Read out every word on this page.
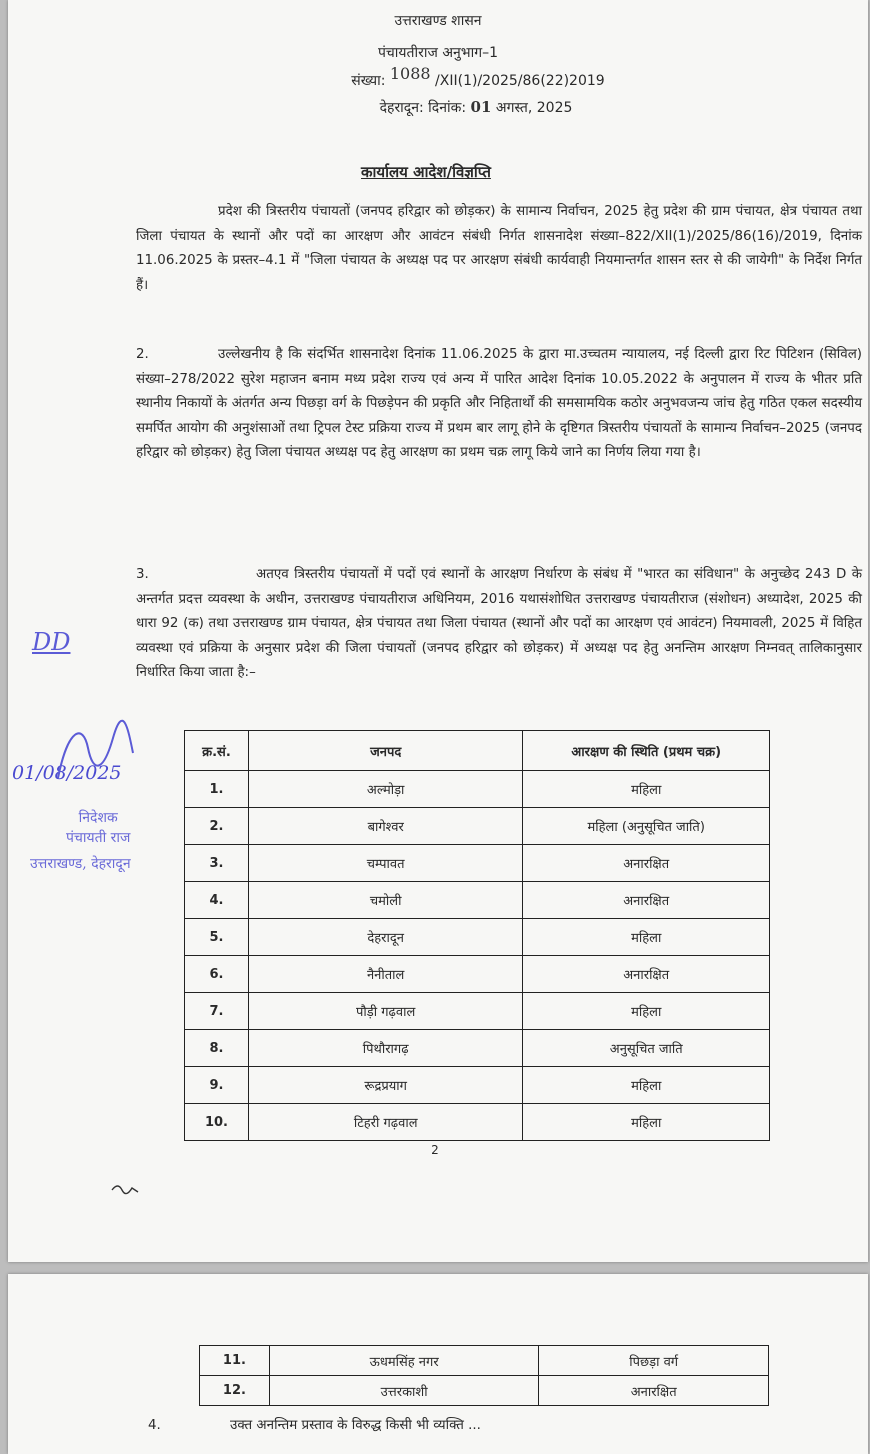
उत्तराखण्ड शासन
पंचायतीराज अनुभाग–1
संख्या: 1088 /XII(1)/2025/86(22)2019
देहरादून: दिनांक: 01 अगस्त, 2025
कार्यालय आदेश/विज्ञप्ति

प्रदेश की त्रिस्तरीय पंचायतों (जनपद हरिद्वार को छोड़कर) के सामान्य निर्वाचन, 2025 हेतु प्रदेश की ग्राम पंचायत, क्षेत्र पंचायत तथा जिला पंचायत के स्थानों और पदों का आरक्षण और आवंटन संबंधी निर्गत शासनादेश संख्या–822/XII(1)/2025/86(16)/2019, दिनांक 11.06.2025 के प्रस्तर–4.1 में "जिला पंचायत के अध्यक्ष पद पर आरक्षण संबंधी कार्यवाही नियमान्तर्गत शासन स्तर से की जायेगी" के निर्देश निर्गत हैं।

2.	उल्लेखनीय है कि संदर्भित शासनादेश दिनांक 11.06.2025 के द्वारा मा.उच्चतम न्यायालय, नई दिल्ली द्वारा रिट पिटिशन (सिविल) संख्या–278/2022 सुरेश महाजन बनाम मध्य प्रदेश राज्य एवं अन्य में पारित आदेश दिनांक 10.05.2022 के अनुपालन में राज्य के भीतर प्रति स्थानीय निकायों के अंतर्गत अन्य पिछड़ा वर्ग के पिछड़ेपन की प्रकृति और निहितार्थों की समसामयिक कठोर अनुभवजन्य जांच हेतु गठित एकल सदस्यीय समर्पित आयोग की अनुशंसाओं तथा ट्रिपल टेस्ट प्रक्रिया राज्य में प्रथम बार लागू होने के दृष्टिगत त्रिस्तरीय पंचायतों के सामान्य निर्वाचन–2025 (जनपद हरिद्वार को छोड़कर) हेतु जिला पंचायत अध्यक्ष पद हेतु आरक्षण का प्रथम चक्र लागू किये जाने का निर्णय लिया गया है।

3.	अतएव त्रिस्तरीय पंचायतों में पदों एवं स्थानों के आरक्षण निर्धारण के संबंध में "भारत का संविधान" के अनुच्छेद 243 D के अन्तर्गत प्रदत्त व्यवस्था के अधीन, उत्तराखण्ड पंचायतीराज अधिनियम, 2016 यथासंशोधित उत्तराखण्ड पंचायतीराज (संशोधन) अध्यादेश, 2025 की धारा 92 (क) तथा उत्तराखण्ड ग्राम पंचायत, क्षेत्र पंचायत तथा जिला पंचायत (स्थानों और पदों का आरक्षण एवं आवंटन) नियमावली, 2025 में विहित व्यवस्था एवं प्रक्रिया के अनुसार प्रदेश की जिला पंचायतों (जनपद हरिद्वार को छोड़कर) में अध्यक्ष पद हेतु अनन्तिम आरक्षण निम्नवत् तालिकानुसार निर्धारित किया जाता है:–

DD
01/08/2025
निदेशक
पंचायती राज
उत्तराखण्ड, देहरादून
क्र.सं.	जनपद	आरक्षण की स्थिति (प्रथम चक्र)
1.	अल्मोड़ा	महिला
2.	बागेश्वर	महिला (अनुसूचित जाति)
3.	चम्पावत	अनारक्षित
4.	चमोली	अनारक्षित
5.	देहरादून	महिला
6.	नैनीताल	अनारक्षित
7.	पौड़ी गढ़वाल	महिला
8.	पिथौरागढ़	अनुसूचित जाति
9.	रूद्रप्रयाग	महिला
10.	टिहरी गढ़वाल	महिला
2
11.	ऊधमसिंह नगर	पिछड़ा वर्ग
12.	उत्तरकाशी	अनारक्षित

4.	उक्त अनन्तिम प्रस्ताव के विरुद्ध किसी भी व्यक्ति ...
